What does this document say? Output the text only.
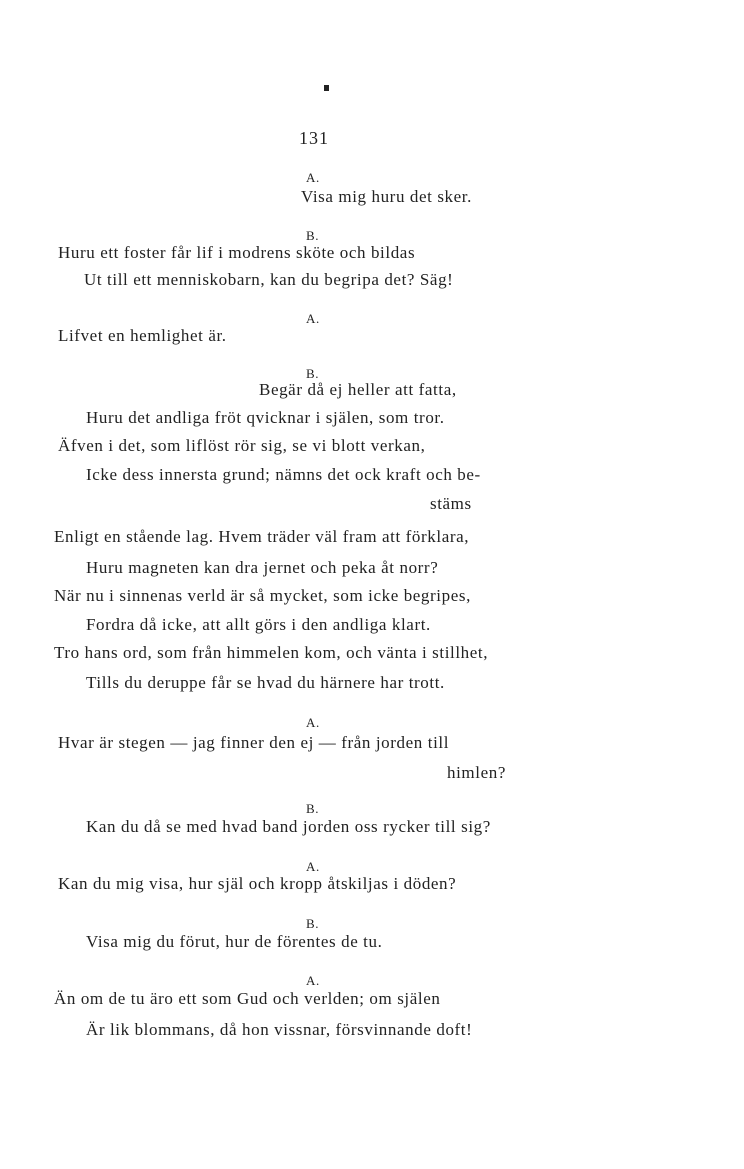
131
A.
Visa mig huru det sker.
B.
Huru ett foster får lif i modrens sköte och bildas
Ut till ett menniskobarn, kan du begripa det? Säg!
A.
Lifvet en hemlighet är.
B.
Begär då ej heller att fatta,
Huru det andliga fröt qvicknar i själen, som tror.
Äfven i det, som liflöst rör sig, se vi blott verkan,
Icke dess innersta grund; nämns det ock kraft och be-
stäms
Enligt en stående lag. Hvem träder väl fram att förklara,
Huru magneten kan dra jernet och peka åt norr?
När nu i sinnenas verld är så mycket, som icke begripes,
Fordra då icke, att allt görs i den andliga klart.
Tro hans ord, som från himmelen kom, och vänta i stillhet,
Tills du deruppe får se hvad du härnere har trott.
A.
Hvar är stegen — jag finner den ej — från jorden till
himlen?
B.
Kan du då se med hvad band jorden oss rycker till sig?
A.
Kan du mig visa, hur själ och kropp åtskiljas i döden?
B.
Visa mig du förut, hur de förentes de tu.
A.
Än om de tu äro ett som Gud och verlden; om själen
Är lik blommans, då hon vissnar, försvinnande doft!
